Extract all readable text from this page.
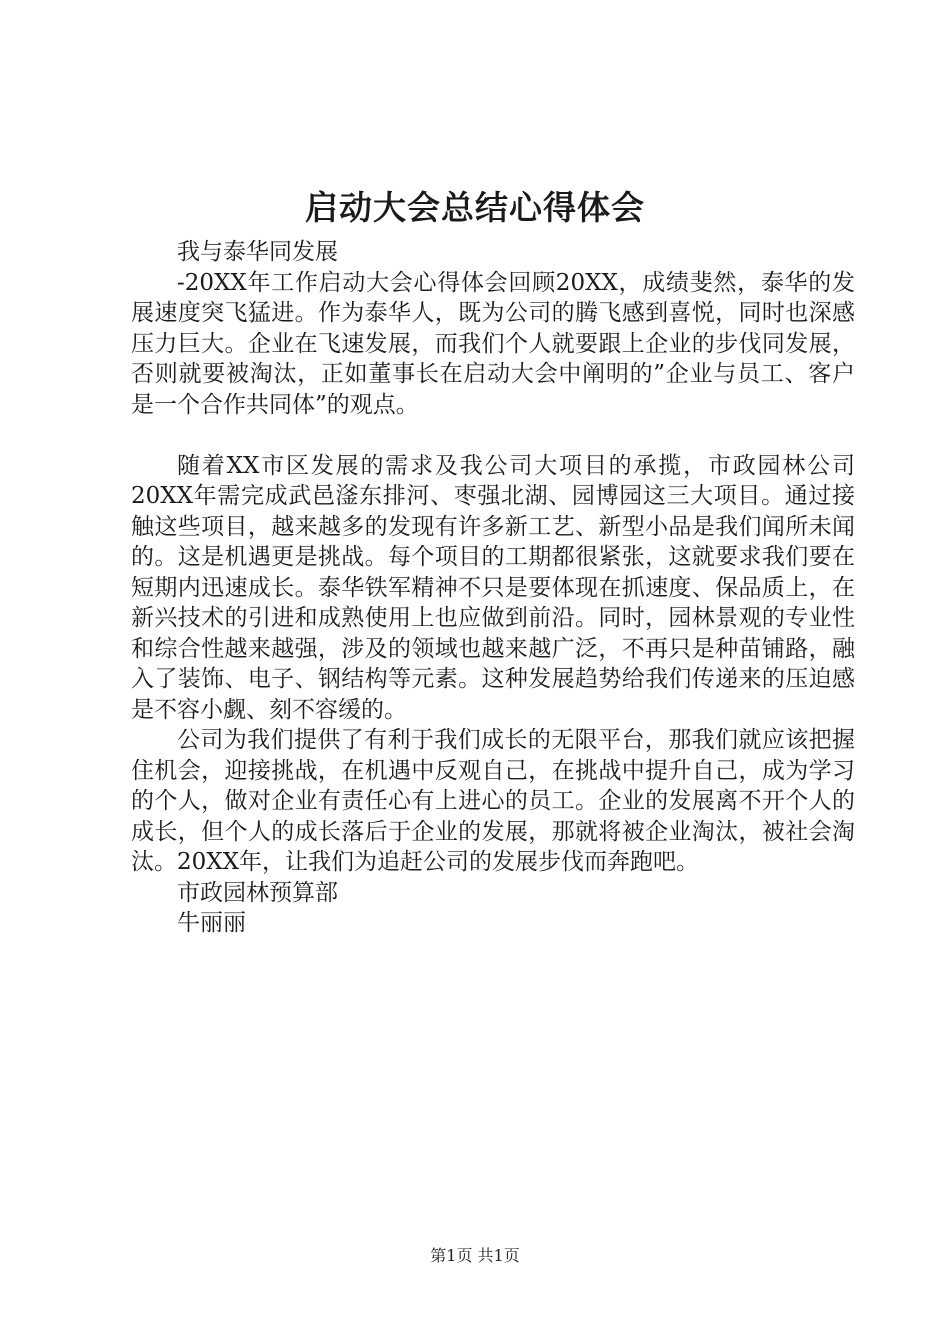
启动大会总结心得体会

我与泰华同发展

-20XX年工作启动大会心得体会回顾20XX，成绩斐然，泰华的发展速度突飞猛进。作为泰华人，既为公司的腾飞感到喜悦，同时也深感压力巨大。企业在飞速发展，而我们个人就要跟上企业的步伐同发展，否则就要被淘汰，正如董事长在启动大会中阐明的”企业与员工、客户是一个合作共同体”的观点。

随着XX市区发展的需求及我公司大项目的承揽，市政园林公司20XX年需完成武邑滏东排河、枣强北湖、园博园这三大项目。通过接触这些项目，越来越多的发现有许多新工艺、新型小品是我们闻所未闻的。这是机遇更是挑战。每个项目的工期都很紧张，这就要求我们要在短期内迅速成长。泰华铁军精神不只是要体现在抓速度、保品质上，在新兴技术的引进和成熟使用上也应做到前沿。同时，园林景观的专业性和综合性越来越强，涉及的领域也越来越广泛，不再只是种苗铺路，融入了装饰、电子、钢结构等元素。这种发展趋势给我们传递来的压迫感是不容小觑、刻不容缓的。

公司为我们提供了有利于我们成长的无限平台，那我们就应该把握住机会，迎接挑战，在机遇中反观自己，在挑战中提升自己，成为学习的个人，做对企业有责任心有上进心的员工。企业的发展离不开个人的成长，但个人的成长落后于企业的发展，那就将被企业淘汰，被社会淘汰。20XX年，让我们为追赶公司的发展步伐而奔跑吧。

市政园林预算部

牛丽丽

第1页 共1页
